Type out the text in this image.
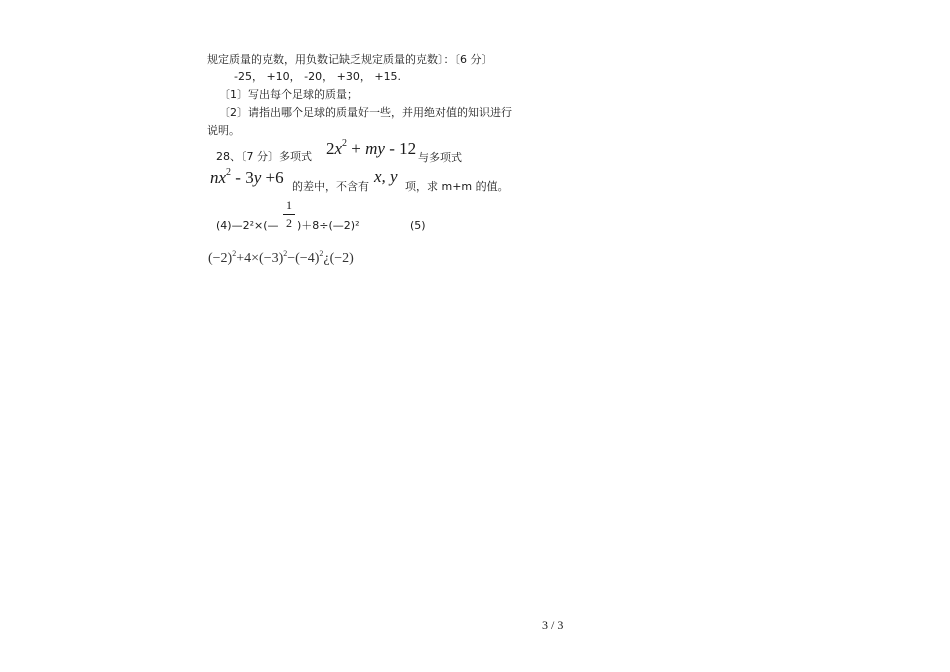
规定质量的克数，用负数记缺乏规定质量的克数〕：〔6 分〕
-25， +10， -20， +30， +15.
〔1〕写出每个足球的质量；
〔2〕请指出哪个足球的质量好一些，并用绝对值的知识进行
说明。
28、〔7 分〕多项式 $2x^2$ + my - 12 与多项式
$nx^2 - 3y +6$ 的差中，不含有
x, y
项，求 m+m 的值。
(4)—2²×(—
1
2 )＋8÷(—2)²	(5)
$(-2)^2+4\times(-3)^2-(-4)^2¿(-2)$
3 / 3
